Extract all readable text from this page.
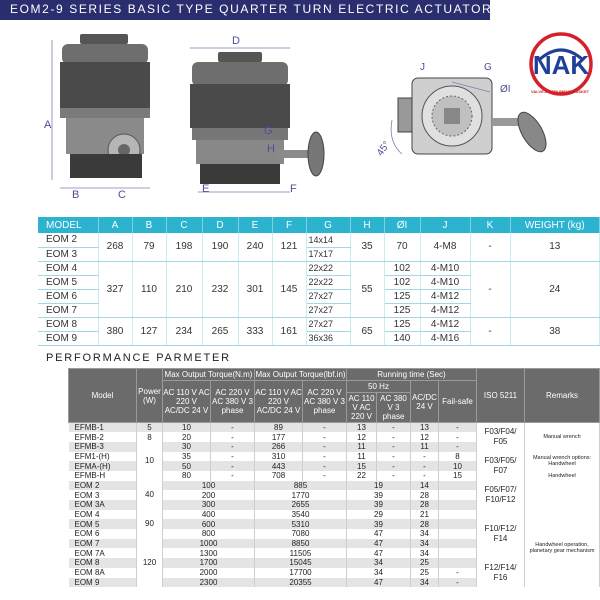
EOM2-9 SERIES BASIC TYPE QUARTER TURN ELECTRIC ACTUATOR
NAK
VALVE-INSTRUMENT-GASKET
A
B	C
D
E	F
H
G
J	G
ØI
45°
MODEL	A	B	C	D	E	F	G	H	ØI	J	K	WEIGHT (kg)
EOM 2	268	79	198	190	240	121	14x14	35	70	4-M8	-	13
EOM 3							17x17					
EOM 4	327	110	210	232	301	145	22x22	55	102	4-M10	-	24
EOM 5							22x22		102	4-M10		
EOM 6							27x27		125	4-M12		
EOM 7							27x27		125	4-M12		
EOM 8	380	127	234	265	333	161	27x27	65	125	4-M12	-	38
EOM 9							36x36		140	4-M16		
PERFORMANCE PARMETER
Model	Power (W)	Max Output Torque(N.m)		Max Output Torque(lbf.in)		Running time (Sec)				ISO 5211	Remarks
		AC 110 V AC 220 V AC/DC 24 V	AC 220 V AC 380 V 3 phase	AC 110 V AC 220 V AC/DC 24 V	AC 220 V AC 380 V 3 phase	50 Hz		AC/DC 24 V	Fail-safe		
						AC 110 V AC 220 V	AC 380 V 3 phase				
EFMB-1	5	10	-	89	-	13	-	13	-	F03/F04/ F05	Manual wrench
EFMB-2	8	20	-	177	-	12	-	12	-		
EFMB-3	10	30	-	266	-	11	-	11	-		
EFM1-(H)		35	-	310	-	11	-	-	8	F03/F05/ F07	Manual wrench options: Handwheel
EFMA-(H)		50	-	443	-	15	-	-	10		
EFMB-H		80	-	708	-	22	-	-	15		Handwheel
EOM 2	40	100		885		19		14		F05/F07/ F10/F12	
EOM 3		200		1770		39		28			
EOM 3A		300		2655		39		28			
EOM 4	90	400		3540		29		21		F10/F12/ F14	Handwheel operation, planetary gear mechanism
EOM 5		600		5310		39		28			
EOM 6		800		7080		47		34			
EOM 7	120	1000		8850		47		34			
EOM 7A		1300		11505		47		34			
EOM 8		1700		15045		34		25		F12/F14/ F16	
EOM 8A		2000		17700		34		25	-		
EOM 9		2300		20355		47		34	-		
